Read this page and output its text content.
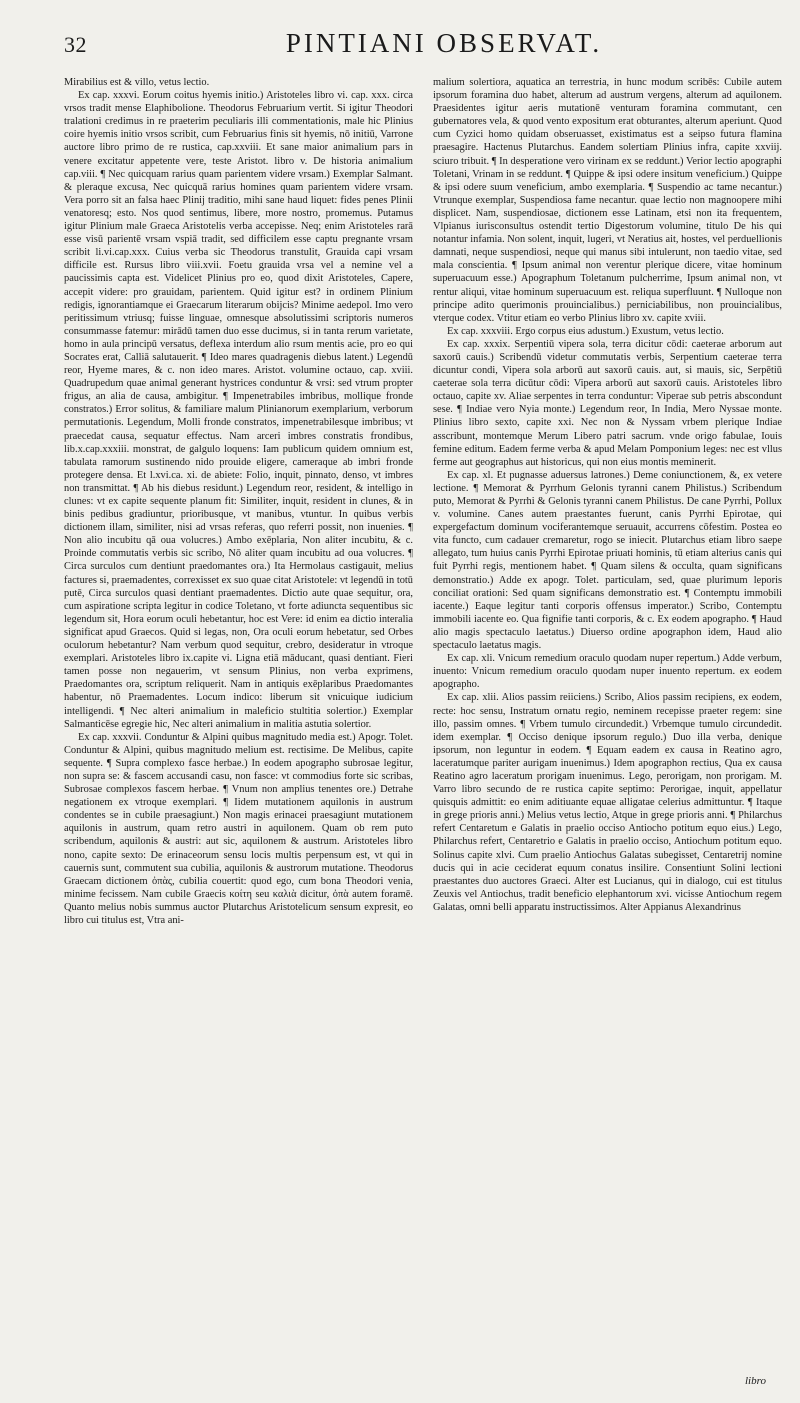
32	PINTIANI OBSERVAT.

Mirabilius est & villo, vetus lectio.

Ex cap. xxxvi. Eorum coitus hyemis initio.) Aristoteles libro vi. cap. xxx. circa vrsos tradit mense Elaphibolione. Theodorus Februarium vertit. Si igitur Theodori tralationi credimus in re praeterim peculiaris illi commentationis, male hic Plinius coire hyemis initio vrsos scribit, cum Februarius finis sit hyemis, nō initiū, Varrone auctore libro primo de re rustica, cap.xxviii. Et sane maior animalium pars in venere excitatur appetente vere, teste Aristot. libro v. De historia animalium cap.viii. ¶ Nec quicquam rarius quam parientem videre vrsam.) Exemplar Salmant. & pleraque excusa, Nec quicquā rarius homines quam parientem videre vrsam. Vera porro sit an falsa haec Plinij traditio, mihi sane haud liquet: fides penes Plinii venatoresq; esto. Nos quod sentimus, libere, more nostro, promemus. Putamus igitur Plinium male Graeca Aristotelis verba accepisse. Neq; enim Aristoteles rarā esse visū parientē vrsam vspiā tradit, sed difficilem esse captu pregnante vrsam scribit li.vi.cap.xxx. Cuius verba sic Theodorus transtulit, Grauida capi vrsam difficile est. Rursus libro viii.xvii. Foetu grauida vrsa vel a nemine vel a paucissimis capta est. Videlicet Plinius pro eo, quod dixit Aristoteles, Capere, accepit videre: pro grauidam, parientem. Quid igitur est? in ordinem Plinium redigis, ignorantiamque ei Graecarum literarum obijcis? Minime aedepol. Imo vero peritissimum vtriusq; fuisse linguae, omnesque absolutissimi scriptoris numeros consummasse fatemur: mirādū tamen duo esse ducimus, si in tanta rerum varietate, homo in aula principū versatus, deflexa interdum alio rsum mentis acie, pro eo qui Socrates erat, Calliā salutauerit. ¶ Ideo mares quadragenis diebus latent.) Legendū reor, Hyeme mares, & c. non ideo mares. Aristot. volumine octauo, cap. xviii. Quadrupedum quae animal generant hystrices conduntur & vrsi: sed vtrum propter frigus, an alia de causa, ambigitur. ¶ Impenetrabiles imbribus, mollique fronde constratos.) Error solitus, & familiare malum Plinianorum exemplarium, verborum permutationis. Legendum, Molli fronde constratos, impenetrabilesque imbribus; vt praecedat causa, sequatur effectus. Nam arceri imbres constratis frondibus, lib.x.cap.xxxiii. monstrat, de galgulo loquens: Iam publicum quidem omnium est, tabulata ramorum sustinendo nido prouide eligere, cameraque ab imbri fronde protegere densa. Et l.xvi.ca. xi. de abiete: Folio, inquit, pinnato, denso, vt imbres non transmittat. ¶ Ab his diebus residunt.) Legendum reor, resident, & intelligo in clunes: vt ex capite sequente planum fit: Similiter, inquit, resident in clunes, & in binis pedibus gradiuntur, prioribusque, vt manibus, vtuntur. In quibus verbis dictionem illam, similiter, nisi ad vrsas referas, quo referri possit, non inuenies. ¶ Non alio incubitu qā oua volucres.) Ambo exēplaria, Non aliter incubitu, & c. Proinde commutatis verbis sic scribo, Nō aliter quam incubitu ad oua volucres. ¶ Circa surculos cum dentiunt praedomantes ora.) Ita Hermolaus castigauit, melius factures si, praemadentes, correxisset ex suo quae citat Aristotele: vt legendū in totū putē, Circa surculos quasi dentiant praemadentes. Dictio aute quae sequitur, ora, cum aspiratione scripta legitur in codice Toletano, vt forte adiuncta sequentibus sic legendum sit, Hora eorum oculi hebetantur, hoc est Vere: id enim ea dictio interalia significat apud Graecos. Quid si legas, non, Ora oculi eorum hebetatur, sed Orbes oculorum hebetantur? Nam verbum quod sequitur, crebro, desideratur in vtroque exemplari. Aristoteles libro ix.capite vi. Ligna etiā māducant, quasi dentiant. Fieri tamen posse non negauerim, vt sensum Plinius, non verba exprimens, Praedomantes ora, scriptum reliquerit. Nam in antiquis exēplaribus Praedomantes habentur, nō Praemadentes. Locum indico: liberum sit vnicuique iudicium intelligendi. ¶ Nec alteri animalium in maleficio stultitia solertior.) Exemplar Salmanticēse egregie hic, Nec alteri animalium in malitia astutia solertior.

Ex cap. xxxvii. Conduntur & Alpini quibus magnitudo media est.) Apogr. Tolet. Conduntur & Alpini, quibus magnitudo melium est. rectisime. De Melibus, capite sequente. ¶ Supra complexo fasce herbae.) In eodem apographo subrosae legitur, non supra se: & fascem accusandi casu, non fasce: vt commodius forte sic scribas, Subrosae complexos fascem herbae. ¶ Vnum non amplius tenentes ore.) Detrahe negationem ex vtroque exemplari. ¶ Iidem mutationem aquilonis in austrum condentes se in cubile praesagiunt.) Non magis erinacei praesagiunt mutationem aquilonis in austrum, quam retro austri in aquilonem. Quam ob rem puto scribendum, aquilonis & austri: aut sic, aquilonem & austrum. Aristoteles libro nono, capite sexto: De erinaceorum sensu locis multis perpensum est, vt qui in cauernis sunt, commutent sua cubilia, aquilonis & austrorum mutatione. Theodorus Graecam dictionem ὀπὰς, cubilia couertit: quod ego, cum bona Theodori venia, minime fecissem. Nam cubile Graecis κοίτη seu καλιὰ dicitur, ὀπὰ autem foramē. Quanto melius nobis summus auctor Plutarchus Aristotelicum sensum expresit, eo libro cui titulus est, Vtra ani-

malium solertiora, aquatica an terrestria, in hunc modum scribēs: Cubile autem ipsorum foramina duo habet, alterum ad austrum vergens, alterum ad aquilonem. Praesidentes igitur aeris mutationē venturam foramina commutant, cen gubernatores vela, & quod vento expositum erat obturantes, alterum aperiunt. Quod cum Cyzici homo quidam obseruasset, existimatus est a seipso futura flamina praesagire. Hactenus Plutarchus. Eandem solertiam Plinius infra, capite xxviij. sciuro tribuit. ¶ In desperatione vero virinam ex se reddunt.) Verior lectio apographi Toletani, Vrinam in se reddunt. ¶ Quippe & ipsi odere insitum veneficium.) Quippe & ipsi odere suum veneficium, ambo exemplaria. ¶ Suspendio ac tame necantur.) Vtrunque exemplar, Suspendiosa fame necantur. quae lectio non magnoopere mihi displicet. Nam, suspendiosae, dictionem esse Latinam, etsi non ita frequentem, Vlpianus iurisconsultus ostendit tertio Digestorum volumine, titulo De his qui notantur infamia. Non solent, inquit, lugeri, vt Neratius ait, hostes, vel perduellionis damnati, neque suspendiosi, neque qui manus sibi intulerunt, non taedio vitae, sed mala conscientia. ¶ Ipsum animal non verentur plerique dicere, vitae hominum superuacuum esse.) Apographum Toletanum pulcherrime, Ipsum animal non, vt rentur aliqui, vitae hominum superuacuum est. reliqua superfluunt. ¶ Nulloque non principe adito querimonis prouincialibus.) perniciabilibus, non prouincialibus, vterque codex. Vtitur etiam eo verbo Plinius libro xv. capite xviii.

Ex cap. xxxviii. Ergo corpus eius adustum.) Exustum, vetus lectio.

Ex cap. xxxix. Serpentiū vipera sola, terra dicitur cōdi: caeterae arborum aut saxorū cauis.) Scribendū videtur commutatis verbis, Serpentium caeterae terra dicuntur condi, Vipera sola arborū aut saxorū cauis. aut, si mauis, sic, Serpētiū caeterae sola terra dicūtur cōdi: Vipera arborū aut saxorū cauis. Aristoteles libro octauo, capite xv. Aliae serpentes in terra conduntur: Viperae sub petris abscondunt sese. ¶ Indiae vero Nyia monte.) Legendum reor, In India, Mero Nyssae monte. Plinius libro sexto, capite xxi. Nec non & Nyssam vrbem plerique Indiae asscribunt, montemque Merum Libero patri sacrum. vnde origo fabulae, Iouis femine editum. Eadem ferme verba & apud Melam Pomponium leges: nec est vllus ferme aut geographus aut historicus, qui non eius montis meminerit.

Ex cap. xl. Et pugnasse aduersus latrones.) Deme coniunctionem, &, ex vetere lectione. ¶ Memorat & Pyrrhum Gelonis tyranni canem Philistus.) Scribendum puto, Memorat & Pyrrhi & Gelonis tyranni canem Philistus. De cane Pyrrhi, Pollux v. volumine. Canes autem praestantes fuerunt, canis Pyrrhi Epirotae, qui expergefactum dominum vociferantemque seruauit, accurrens cōfestim. Postea eo vita functo, cum cadauer cremaretur, rogo se iniecit. Plutarchus etiam libro saepe allegato, tum huius canis Pyrrhi Epirotae priuati hominis, tū etiam alterius canis qui fuit Pyrrhi regis, mentionem habet. ¶ Quam silens & occulta, quam significans demonstratio.) Adde ex apogr. Tolet. particulam, sed, quae plurimum leporis conciliat orationi: Sed quam significans demonstratio est. ¶ Contemptu immobili iacente.) Eaque legitur tanti corporis offensus imperator.) Scribo, Contemptu immobili iacente eo. Qua fignifie tanti corporis, & c. Ex eodem apographo. ¶ Haud alio magis spectaculo laetatus.) Diuerso ordine apographon idem, Haud alio spectaculo laetatus magis.

Ex cap. xli. Vnicum remedium oraculo quodam nuper repertum.) Adde verbum, inuento: Vnicum remedium oraculo quodam nuper inuento repertum. ex eodem apographo.

Ex cap. xlii. Alios passim reiiciens.) Scribo, Alios passim recipiens, ex eodem, recte: hoc sensu, Instratum ornatu regio, neminem recepisse praeter regem: sine illo, passim omnes. ¶ Vrbem tumulo circundedit.) Vrbemque tumulo circundedit. idem exemplar. ¶ Occiso denique ipsorum regulo.) Duo illa verba, denique ipsorum, non leguntur in eodem. ¶ Equam eadem ex causa in Reatino agro, laceratumque pariter aurigam inuenimus.) Idem apographon rectius, Qua ex causa Reatino agro laceratum prorigam inuenimus. Lego, perorigam, non prorigam. M. Varro libro secundo de re rustica capite septimo: Perorigae, inquit, appellatur quisquis admittit: eo enim aditiuante equae alligatae celerius admittuntur. ¶ Itaque in grege prioris anni.) Melius vetus lectio, Atque in grege prioris anni. ¶ Philarchus refert Centaretum e Galatis in praelio occiso Antiocho potitum equo eius.) Lego, Philarchus refert, Centaretrio e Galatis in praelio occiso, Antiochum potitum equo. Solinus capite xlvi. Cum praelio Antiochus Galatas subegisset, Centaretrij nomine ducis qui in acie ceciderat equum conatus insilire. Consentiunt Solini lectioni praestantes duo auctores Graeci. Alter est Lucianus, qui in dialogo, cui est titulus Zeuxis vel Antiochus, tradit beneficio elephantorum xvi. vicisse Antiochum regem Galatas, omni belli apparatu instructissimos. Alter Appianus Alexandrinus

libro
